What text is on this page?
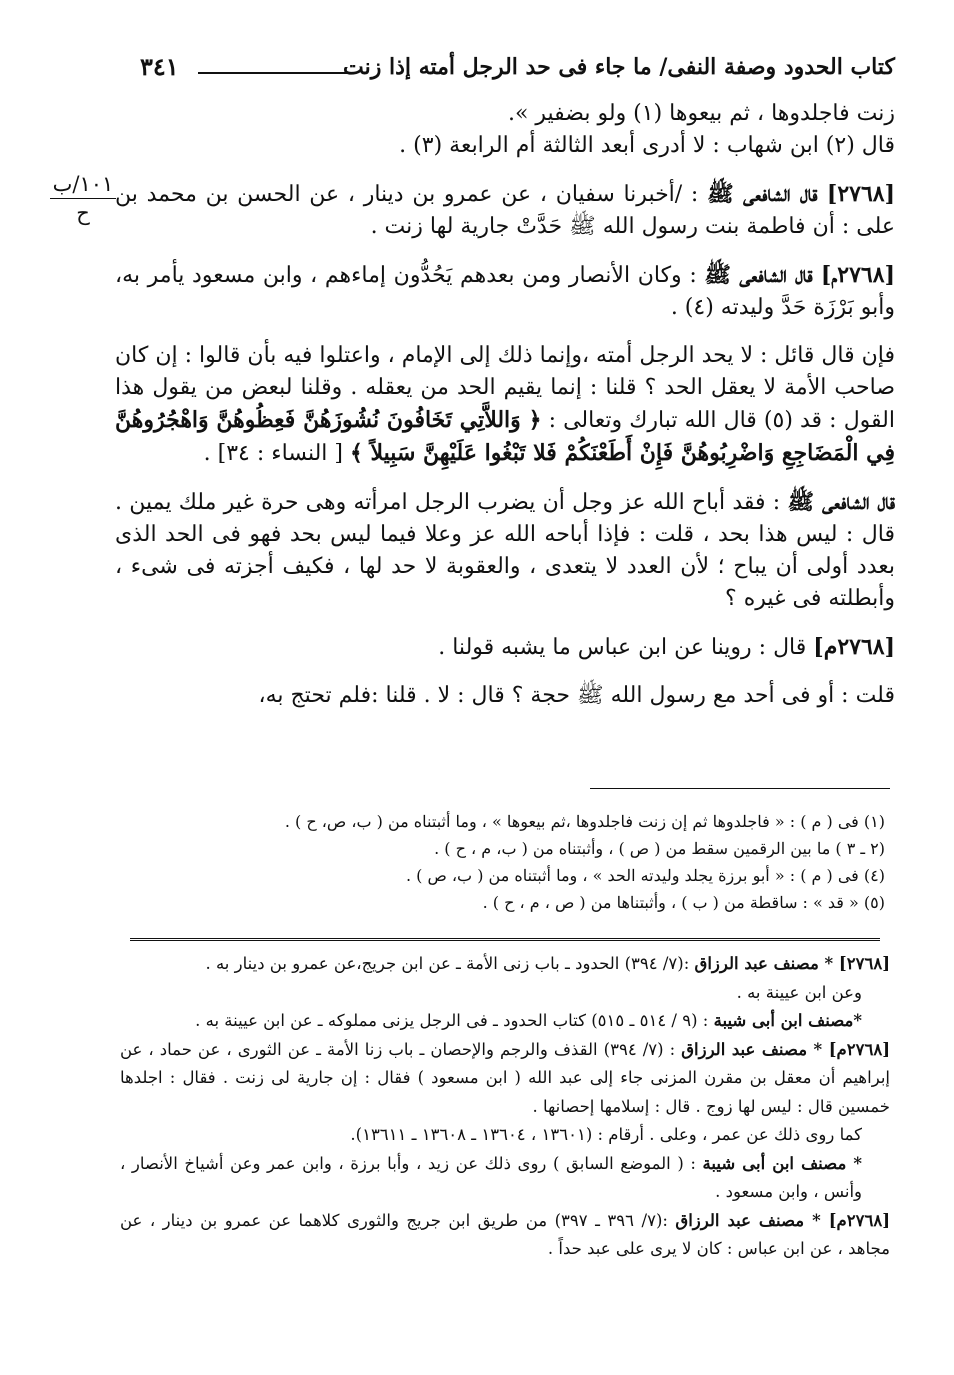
كتاب الحدود وصفة النفى/ ما جاء فى حد الرجل أمته إذا زنت
٣٤١
١٠١/ب
ح
زنت فاجلدوها ، ثم بيعوها (١) ولو بضفير ».
قال (٢) ابن شهاب : لا أدرى أبعد الثالثة أم الرابعة (٣) .
[٢٧٦٨] قال الشافعى ﷺ : /أخبرنا سفيان ، عن عمرو بن دينار ، عن الحسن بن محمد بن على : أن فاطمة بنت رسول الله ﷺ حَدَّتْ جارية لها زنت .
[٢٧٦٨م] قال الشافعى ﷺ : وكان الأنصار ومن بعدهم يَحُدُّون إماءهم ، وابن مسعود يأمر به، وأبو بَرْزَة حَدَّ وليدته (٤) .
فإن قال قائل : لا يحد الرجل أمته ،وإنما ذلك إلى الإمام ، واعتلوا فيه بأن قالوا : إن كان صاحب الأمة لا يعقل الحد ؟ قلنا : إنما يقيم الحد من يعقله . وقلنا لبعض من يقول هذا القول : قد (٥) قال الله تبارك وتعالى : ﴿ وَاللاَّتِي تَخَافُونَ نُشُوزَهُنَّ فَعِظُوهُنَّ وَاهْجُرُوهُنَّ فِي الْمَضَاجِعِ وَاضْرِبُوهُنَّ فَإِنْ أَطَعْنَكُمْ فَلا تَبْغُوا عَلَيْهِنَّ سَبِيلاً ﴾ [ النساء : ٣٤] .
قال الشافعى ﷺ : فقد أباح الله عز وجل أن يضرب الرجل امرأته وهى حرة غير ملك يمين . قال : ليس هذا بحد ، قلت : فإذا أباحه الله عز وعلا فيما ليس بحد فهو فى الحد الذى بعدد أولى أن يباح ؛ لأن العدد لا يتعدى ، والعقوبة لا حد لها ، فكيف أجزته فى شىء ، وأبطلته فى غيره ؟
[٢٧٦٨م] قال : روينا عن ابن عباس ما يشبه قولنا .
قلت : أو فى أحد مع رسول الله ﷺ حجة ؟ قال : لا . قلنا :فلم تحتج به،
(١) فى ( م ) : « فاجلدوها ثم إن زنت فاجلدوها ،ثم بيعوها » ، وما أثبتناه من ( ب، ص، ح ) .
(٢ ـ ٣ ) ما بين الرقمين سقط من ( ص ) ، وأثبتناه من ( ب، م ، ح ) .
(٤) فى ( م ) : « أبو برزة يجلد وليدته الحد » ، وما أثبتناه من ( ب، ص ) .
(٥) « قد » : ساقطة من ( ب ) ، وأثبتناها من ( ص ، م ، ح ) .
[٢٧٦٨] * مصنف عبد الرزاق :(٧/ ٣٩٤) الحدود ـ باب زنى الأمة ـ عن ابن جريج،عن عمرو بن دينار به .
وعن ابن عيينة به .
*مصنف ابن أبى شيبة : (٩ / ٥١٤ ـ ٥١٥) كتاب الحدود ـ فى الرجل يزنى مملوكه ـ عن ابن عيينة به .
[٢٧٦٨م] * مصنف عبد الرزاق : (٧/ ٣٩٤) القذف والرجم والإحصان ـ باب زنا الأمة ـ عن الثورى ، عن حماد ، عن إبراهيم أن معقل بن مقرن المزنى جاء إلى عبد الله ( ابن مسعود ) فقال : إن جارية لى زنت . فقال : اجلدها خمسين قال : ليس لها زوج . قال : إسلامها إحصانها .
كما روى ذلك عن عمر ، وعلى . أرقام : (١٣٦٠١ ، ١٣٦٠٤ ـ ١٣٦٠٨ ـ ١٣٦١١).
* مصنف ابن أبى شيبة : ( الموضع السابق ) روى ذلك عن زيد ، وأبا برزة ، وابن عمر وعن أشياخ الأنصار ، وأنس ، وابن مسعود .
[٢٧٦٨م] * مصنف عبد الرزاق :(٧/ ٣٩٦ ـ ٣٩٧) من طريق ابن جريج والثورى كلاهما عن عمرو بن دينار ، عن مجاهد ، عن ابن عباس : كان لا يرى على عبد حداً .
